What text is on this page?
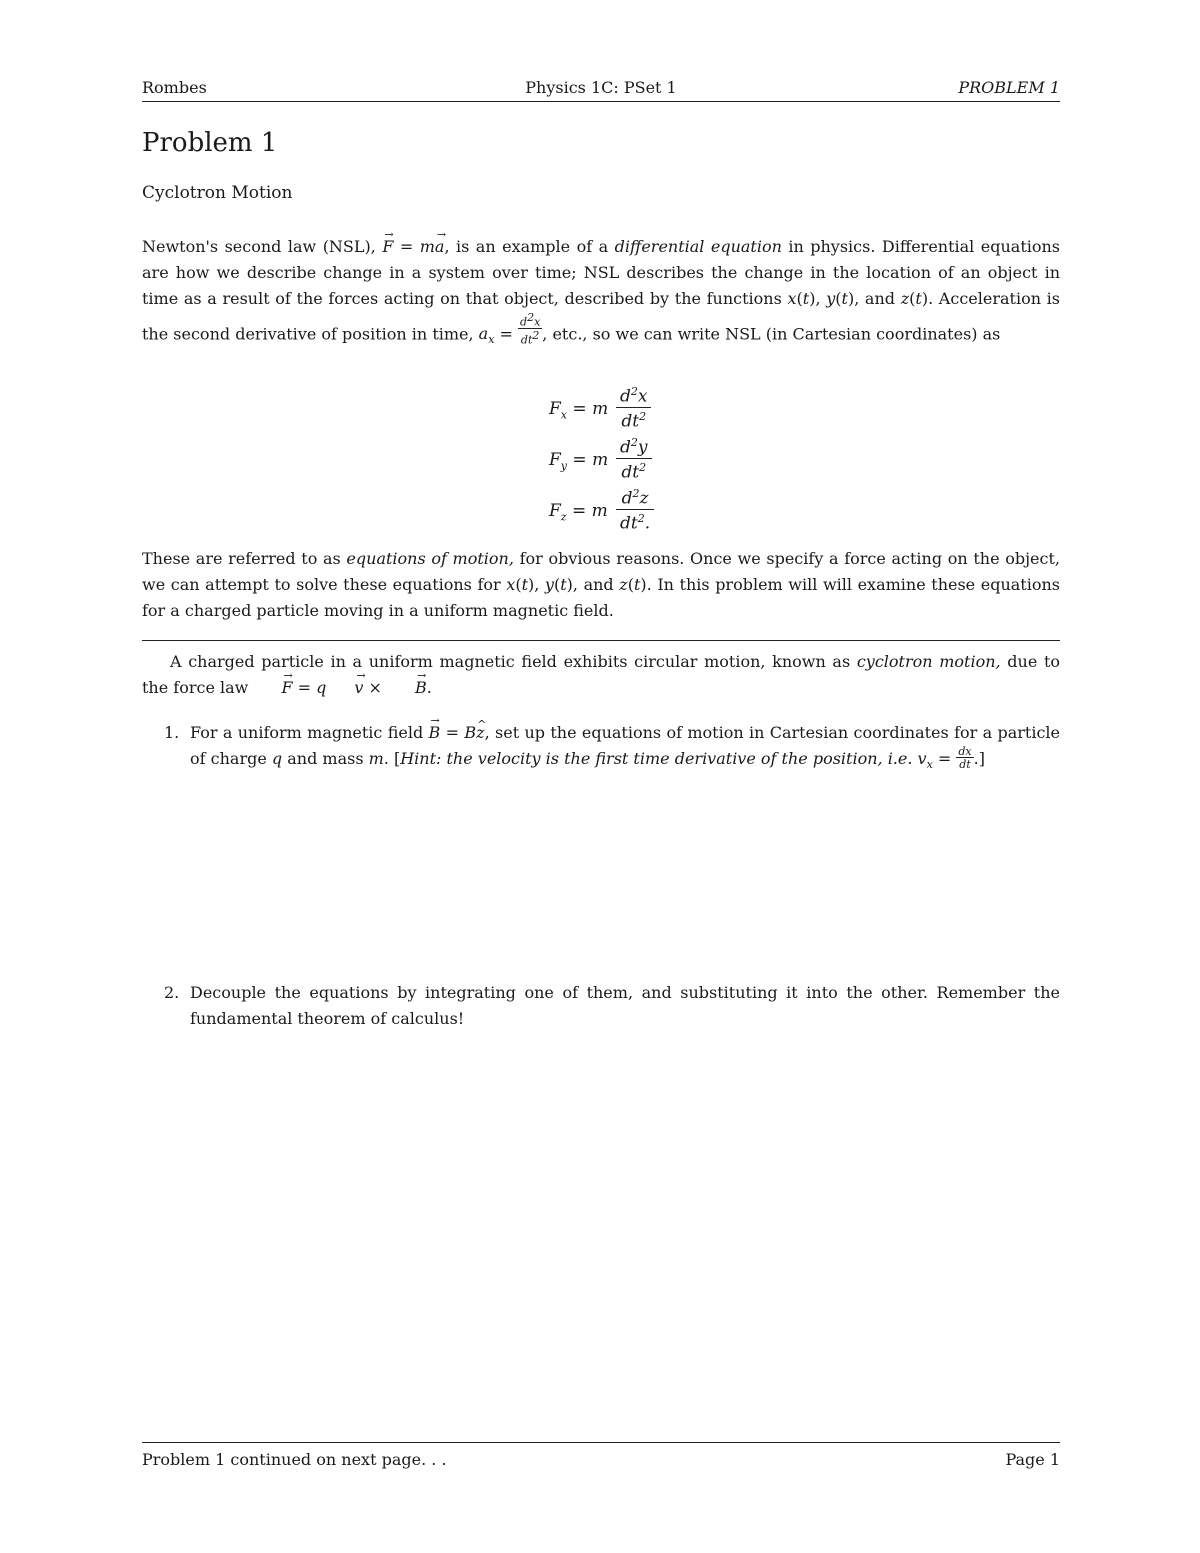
Rombes	Physics 1C: PSet 1	PROBLEM 1
Problem 1
Cyclotron Motion
Newton's second law (NSL), F → = ma →, is an example of a differential equation in physics. Differential equations are how we describe change in a system over time; NSL describes the change in the location of an object in time as a result of the forces acting on that object, described by the functions x(t), y(t), and z(t). Acceleration is the second derivative of position in time, $a_x = \frac{d^2x}{dt^2}$ , etc., so we can write NSL (in Cartesian coordinates) as
$F_x = m$
$d^2x$
$dt^2$
$F_y = m$
$d^2y$
$dt^2$
$F_z = m$
$d^2z$
$dt^2$.
These are referred to as equations of motion, for obvious reasons. Once we specify a force acting on the object, we can attempt to solve these equations for x(t), y(t), and z(t). In this problem will will examine these equations for a charged particle moving in a uniform magnetic field.
A charged particle in a uniform magnetic field exhibits circular motion, known as cyclotron motion, due to the force law F → = q v → × B →.
1. For a uniform magnetic field B → = Bz ^, set up the equations of motion in Cartesian coordinates for a particle of charge q and mass m. [Hint: the velocity is the first time derivative of the position, i.e. $v_x = \frac{dx}{dt}$ .]
2. Decouple the equations by integrating one of them, and substituting it into the other. Remember the fundamental theorem of calculus!
Problem 1 continued on next page. . .	Page 1
